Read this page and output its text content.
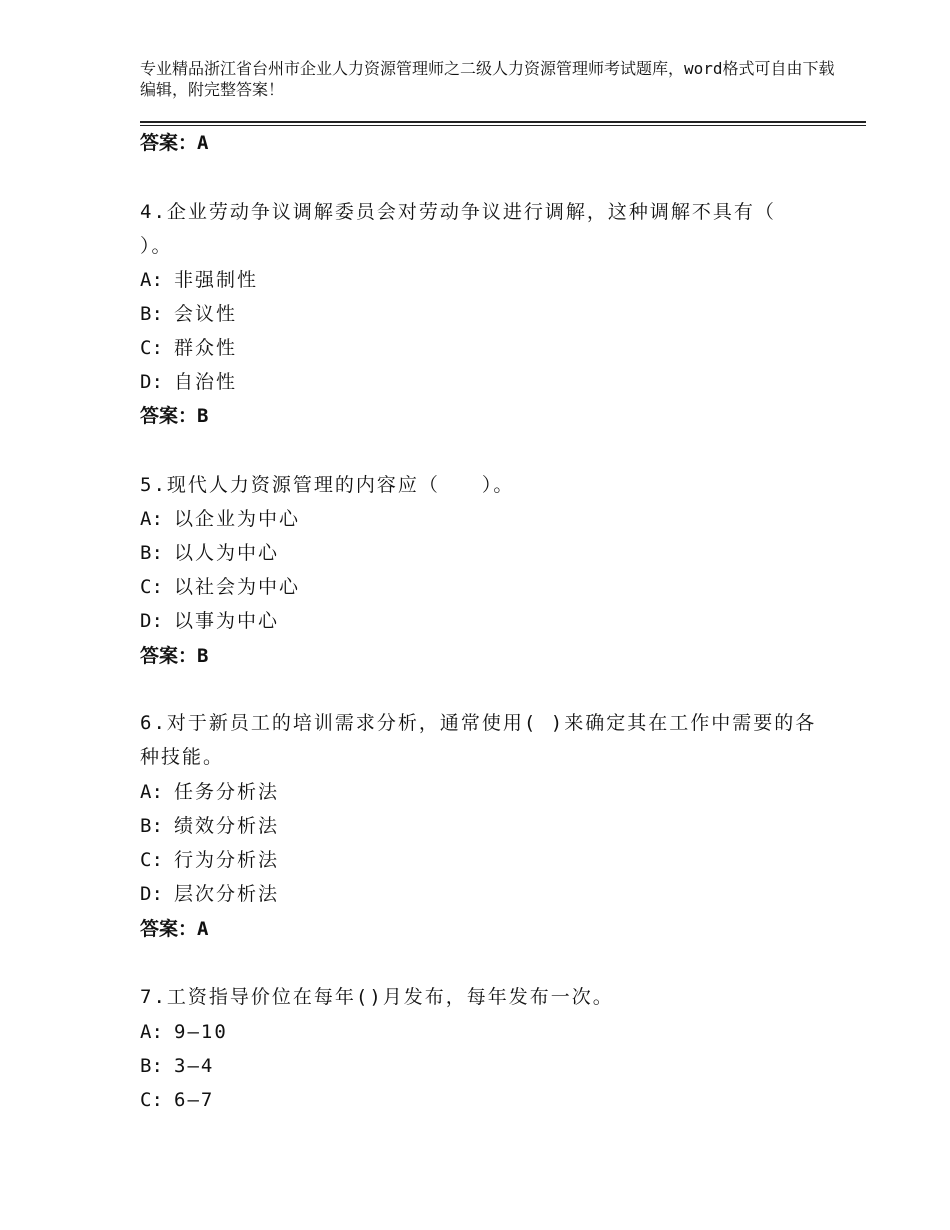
专业精品浙江省台州市企业人力资源管理师之二级人力资源管理师考试题库，word格式可自由下载编辑，附完整答案！
答案：A
4.企业劳动争议调解委员会对劳动争议进行调解，这种调解不具有（ ）。
A: 非强制性
B: 会议性
C: 群众性
D: 自治性
答案：B
5.现代人力资源管理的内容应（　　）。
A: 以企业为中心
B: 以人为中心
C: 以社会为中心
D: 以事为中心
答案：B
6.对于新员工的培训需求分析，通常使用( )来确定其在工作中需要的各种技能。
A: 任务分析法
B: 绩效分析法
C: 行为分析法
D: 层次分析法
答案：A
7.工资指导价位在每年()月发布，每年发布一次。
A: 9—10
B: 3—4
C: 6—7
